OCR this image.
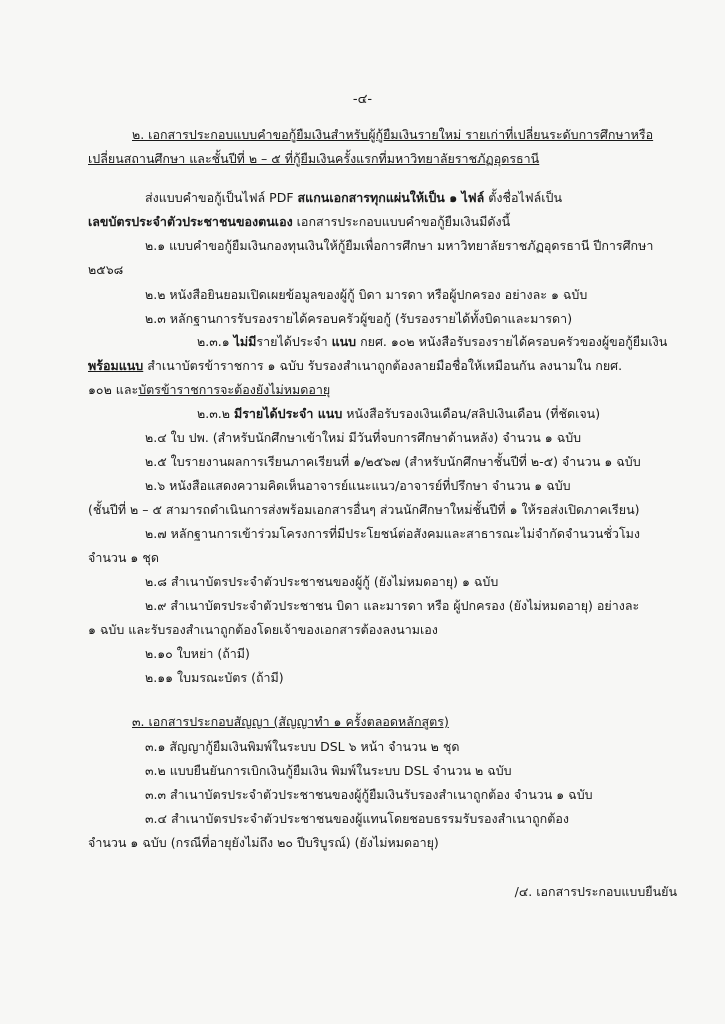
-๔-
๒. เอกสารประกอบแบบคำขอกู้ยืมเงินสำหรับผู้กู้ยืมเงินรายใหม่ รายเก่าที่เปลี่ยนระดับการศึกษาหรือ
เปลี่ยนสถานศึกษา และชั้นปีที่ ๒ – ๕ ที่กู้ยืมเงินครั้งแรกที่มหาวิทยาลัยราชภัฏอุดรธานี
ส่งแบบคำขอกู้เป็นไฟล์ PDF สแกนเอกสารทุกแผ่นให้เป็น ๑ ไฟล์ ตั้งชื่อไฟล์เป็น
เลขบัตรประจำตัวประชาชนของตนเอง เอกสารประกอบแบบคำขอกู้ยืมเงินมีดังนี้
๒.๑ แบบคำขอกู้ยืมเงินกองทุนเงินให้กู้ยืมเพื่อการศึกษา มหาวิทยาลัยราชภัฏอุดรธานี ปีการศึกษา
๒๕๖๘
๒.๒ หนังสือยินยอมเปิดเผยข้อมูลของผู้กู้ บิดา มารดา หรือผู้ปกครอง อย่างละ ๑ ฉบับ
๒.๓ หลักฐานการรับรองรายได้ครอบครัวผู้ขอกู้ (รับรองรายได้ทั้งบิดาและมารดา)
๒.๓.๑ ไม่มีรายได้ประจำ แนบ กยศ. ๑๐๒ หนังสือรับรองรายได้ครอบครัวของผู้ขอกู้ยืมเงิน
พร้อมแนบ สำเนาบัตรข้าราชการ ๑ ฉบับ รับรองสำเนาถูกต้องลายมือชื่อให้เหมือนกัน ลงนามใน กยศ.
๑๐๒ และบัตรข้าราชการจะต้องยังไม่หมดอายุ
๒.๓.๒ มีรายได้ประจำ แนบ หนังสือรับรองเงินเดือน/สลิปเงินเดือน (ที่ชัดเจน)
๒.๔ ใบ ปพ. (สำหรับนักศึกษาเข้าใหม่ มีวันที่จบการศึกษาด้านหลัง) จำนวน ๑ ฉบับ
๒.๕ ใบรายงานผลการเรียนภาคเรียนที่ ๑/๒๕๖๗ (สำหรับนักศึกษาชั้นปีที่ ๒-๕) จำนวน ๑ ฉบับ
๒.๖ หนังสือแสดงความคิดเห็นอาจารย์แนะแนว/อาจารย์ที่ปรึกษา จำนวน ๑ ฉบับ
(ชั้นปีที่ ๒ – ๕ สามารถดำเนินการส่งพร้อมเอกสารอื่นๆ ส่วนนักศึกษาใหม่ชั้นปีที่ ๑ ให้รอส่งเปิดภาคเรียน)
๒.๗ หลักฐานการเข้าร่วมโครงการที่มีประโยชน์ต่อสังคมและสาธารณะไม่จำกัดจำนวนชั่วโมง
จำนวน ๑ ชุด
๒.๘ สำเนาบัตรประจำตัวประชาชนของผู้กู้ (ยังไม่หมดอายุ) ๑ ฉบับ
๒.๙ สำเนาบัตรประจำตัวประชาชน บิดา และมารดา หรือ ผู้ปกครอง (ยังไม่หมดอายุ) อย่างละ
๑ ฉบับ และรับรองสำเนาถูกต้องโดยเจ้าของเอกสารต้องลงนามเอง
๒.๑๐ ใบหย่า (ถ้ามี)
๒.๑๑ ใบมรณะบัตร (ถ้ามี)
๓. เอกสารประกอบสัญญา (สัญญาทำ ๑ ครั้งตลอดหลักสูตร)
๓.๑ สัญญากู้ยืมเงินพิมพ์ในระบบ DSL ๖ หน้า จำนวน ๒ ชุด
๓.๒ แบบยืนยันการเบิกเงินกู้ยืมเงิน พิมพ์ในระบบ DSL จำนวน ๒ ฉบับ
๓.๓ สำเนาบัตรประจำตัวประชาชนของผู้กู้ยืมเงินรับรองสำเนาถูกต้อง จำนวน ๑ ฉบับ
๓.๔ สำเนาบัตรประจำตัวประชาชนของผู้แทนโดยชอบธรรมรับรองสำเนาถูกต้อง
จำนวน ๑ ฉบับ (กรณีที่อายุยังไม่ถึง ๒๐ ปีบริบูรณ์) (ยังไม่หมดอายุ)
/๔. เอกสารประกอบแบบยืนยัน
